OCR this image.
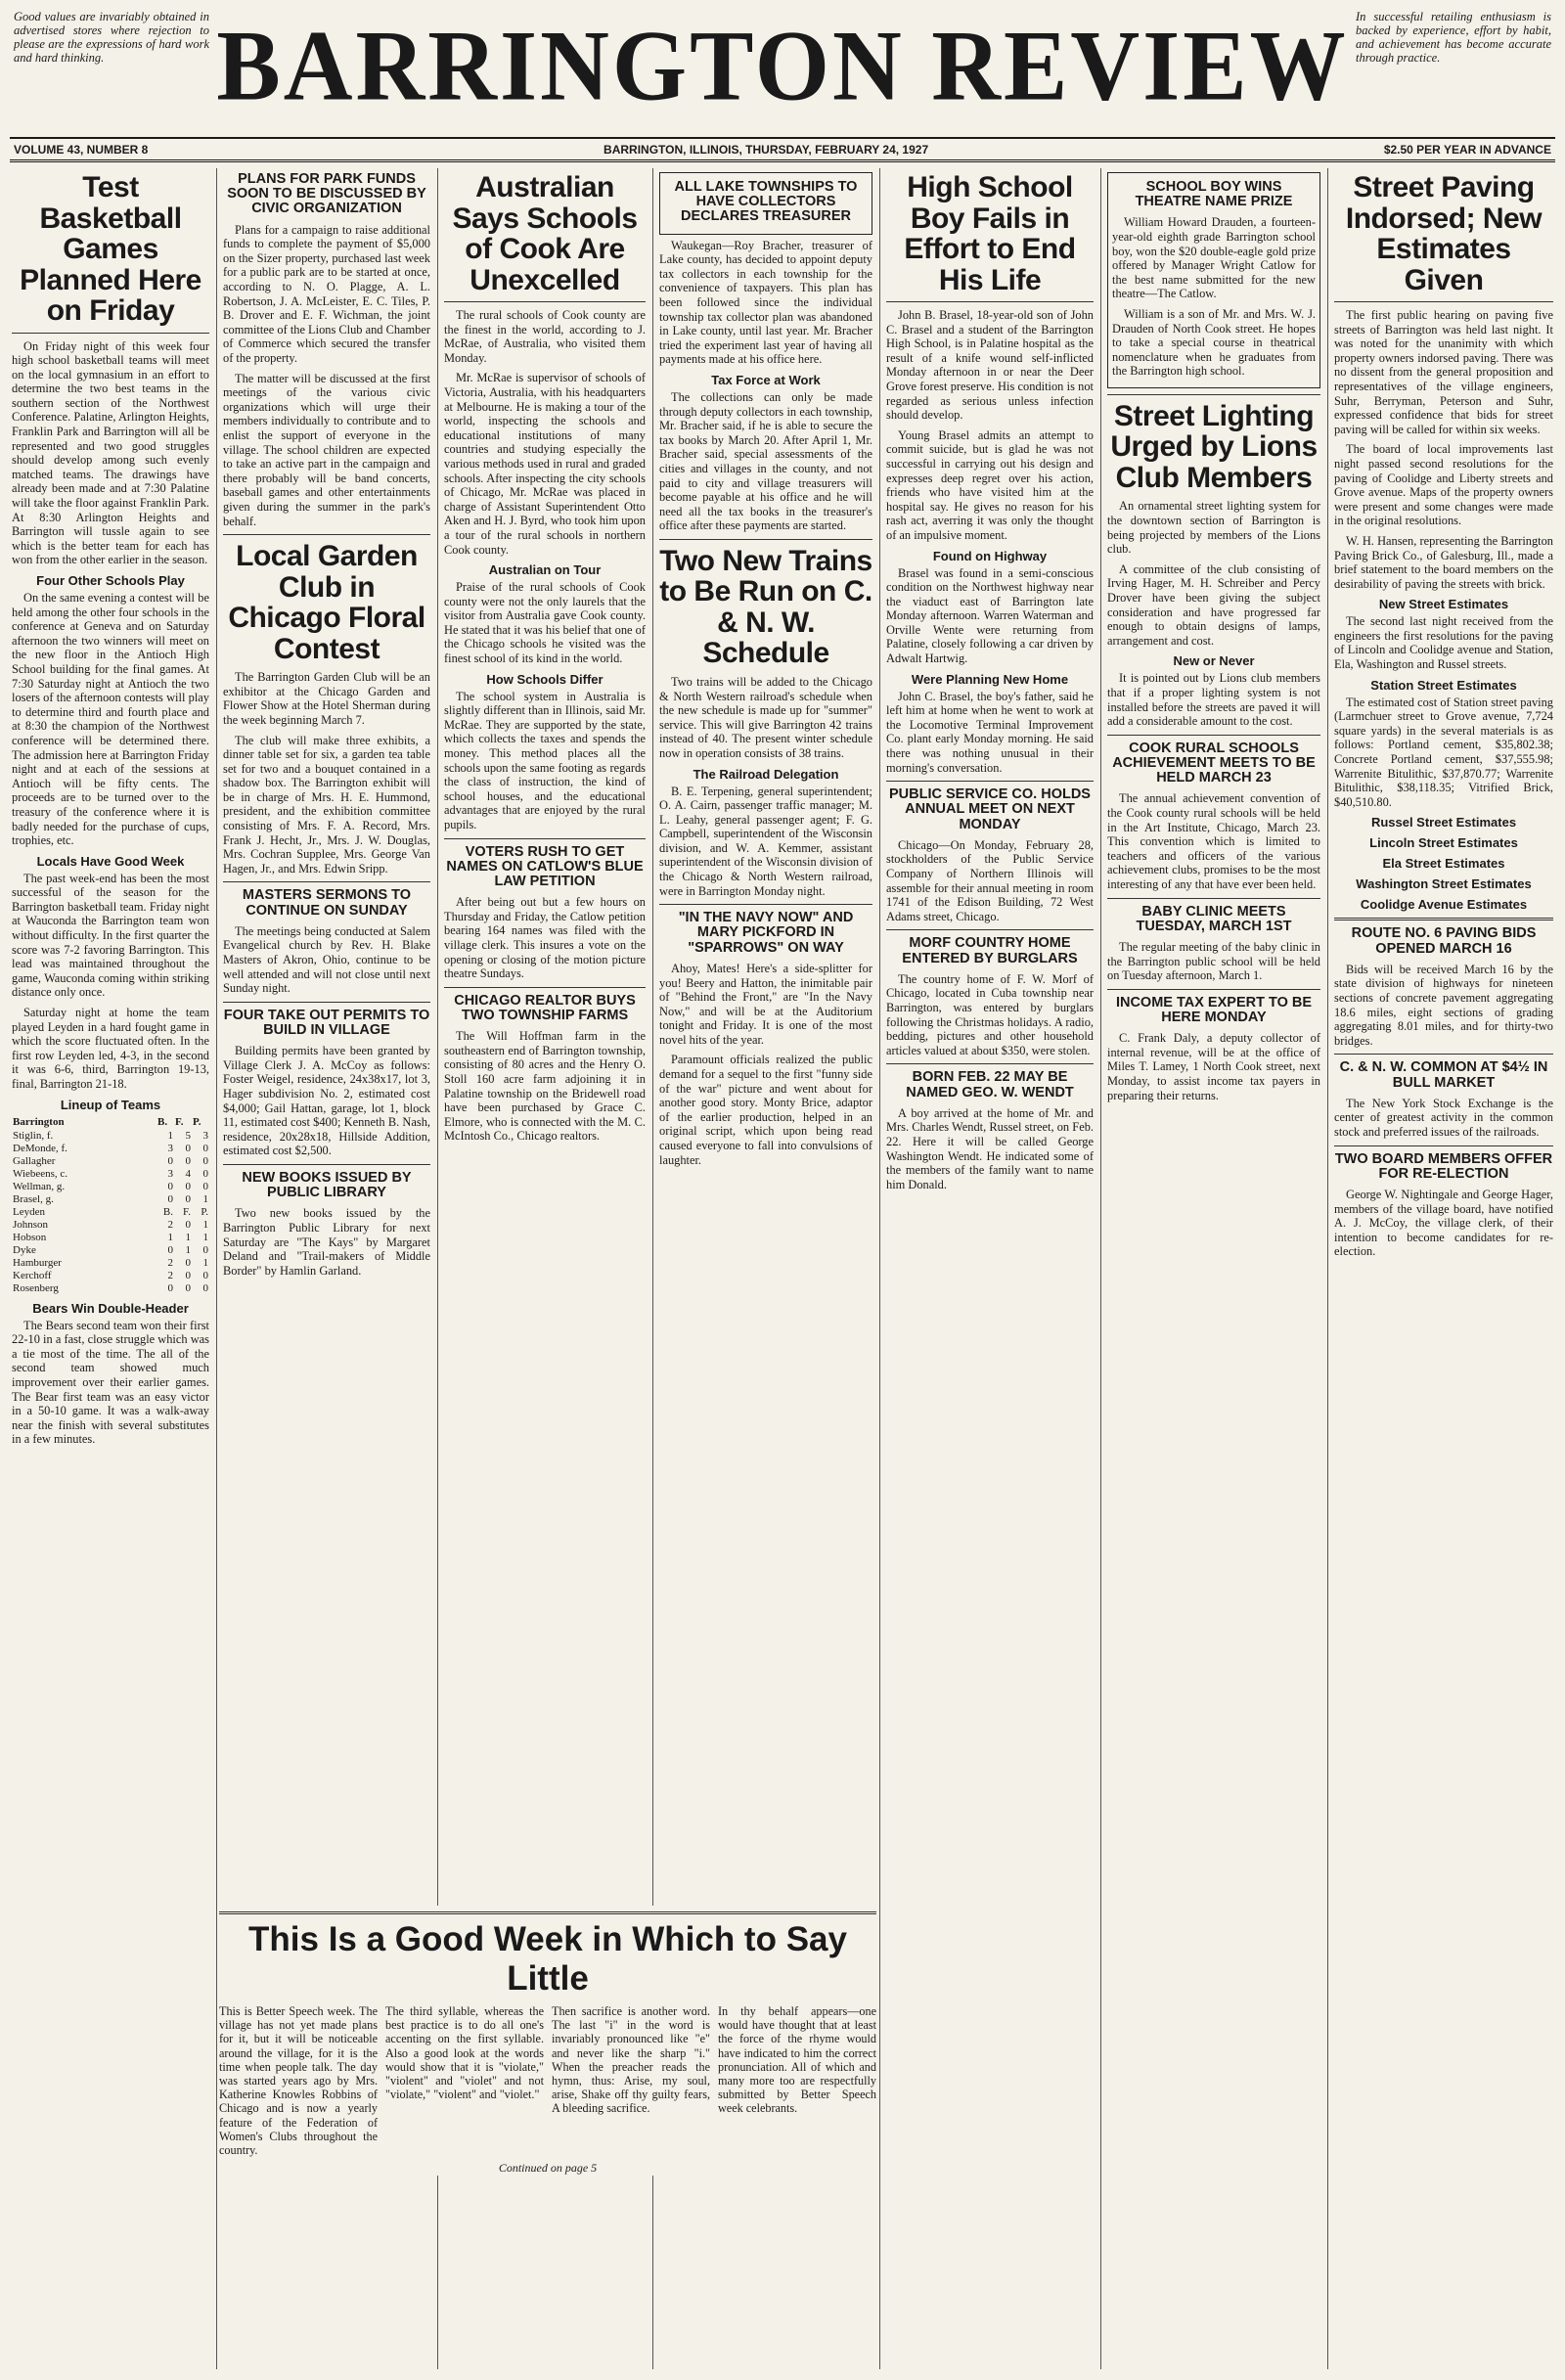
Good values are invariably obtained in advertised stores where rejection to please are the expressions of hard work and hard thinking.	BARRINGTON REVIEW In successful retailing enthusiasm is backed by experience, effort by habit, and achievement has become accurate through practice.
VOLUME 43, NUMBER 8	BARRINGTON, ILLINOIS, THURSDAY, FEBRUARY 24, 1927	$2.50 PER YEAR IN ADVANCE
Test Basketball Games Planned Here on Friday

On Friday night of this week four high school basketball teams will meet on the local gymnasium in an effort to determine the two best teams in the southern section of the Northwest Conference. Palatine, Arlington Heights, Franklin Park and Barrington will all be represented and two good struggles should develop among such evenly matched teams. The drawings have already been made and at 7:30 Palatine will take the floor against Franklin Park. At 8:30 Arlington Heights and Barrington will tussle again to see which is the better team for each has won from the other earlier in the season.

Four Other Schools Play

On the same evening a contest will be held among the other four schools in the conference at Geneva and on Saturday afternoon the two winners will meet on the new floor in the Antioch High School building for the final games. At 7:30 Saturday night at Antioch the two losers of the afternoon contests will play to determine third and fourth place and at 8:30 the champion of the Northwest conference will be determined there. The admission here at Barrington Friday night and at each of the sessions at Antioch will be fifty cents. The proceeds are to be turned over to the treasury of the conference where it is badly needed for the purchase of cups, trophies, etc.

Locals Have Good Week

The past week-end has been the most successful of the season for the Barrington basketball team. Friday night at Wauconda the Barrington team won without difficulty. In the first quarter the score was 7-2 favoring Barrington. This lead was maintained throughout the game, Wauconda coming within striking distance only once.

Saturday night at home the team played Leyden in a hard fought game in which the score fluctuated often. In the first row Leyden led, 4-3, in the second it was 6-6, third, Barrington 19-13, final, Barrington 21-18.

Lineup of Teams
Barrington	B.	F.	P.
Stiglin, f.	1	5	3
DeMonde, f.	3	0	0
Gallagher	0	0	0
Wiebeens, c.	3	4	0
Wellman, g.	0	0	0
Brasel, g.	0	0	1
Leyden	B.	F.	P.
Johnson	2	0	1
Hobson	1	1	1
Dyke	0	1	0
Hamburger	2	0	1
Kerchoff	2	0	0
Rosenberg	0	0	0
Bears Win Double-Header

The Bears second team won their first 22-10 in a fast, close struggle which was a tie most of the time. The all of the second team showed much improvement over their earlier games. The Bear first team was an easy victor in a 50-10 game. It was a walk-away near the finish with several substitutes in a few minutes.

PLANS FOR PARK FUNDS SOON TO BE DISCUSSED BY CIVIC ORGANIZATION

Plans for a campaign to raise additional funds to complete the payment of $5,000 on the Sizer property, purchased last week for a public park are to be started at once, according to N. O. Plagge, A. L. Robertson, J. A. McLeister, E. C. Tiles, P. B. Drover and E. F. Wichman, the joint committee of the Lions Club and Chamber of Commerce which secured the transfer of the property.

The matter will be discussed at the first meetings of the various civic organizations which will urge their members individually to contribute and to enlist the support of everyone in the village. The school children are expected to take an active part in the campaign and there probably will be band concerts, baseball games and other entertainments given during the summer in the park's behalf.

Local Garden Club in Chicago Floral Contest

The Barrington Garden Club will be an exhibitor at the Chicago Garden and Flower Show at the Hotel Sherman during the week beginning March 7.

The club will make three exhibits, a dinner table set for six, a garden tea table set for two and a bouquet contained in a shadow box. The Barrington exhibit will be in charge of Mrs. H. E. Hummond, president, and the exhibition committee consisting of Mrs. F. A. Record, Mrs. Frank J. Hecht, Jr., Mrs. J. W. Douglas, Mrs. Cochran Supplee, Mrs. George Van Hagen, Jr., and Mrs. Edwin Sripp.

MASTERS SERMONS TO CONTINUE ON SUNDAY

The meetings being conducted at Salem Evangelical church by Rev. H. Blake Masters of Akron, Ohio, continue to be well attended and will not close until next Sunday night.

FOUR TAKE OUT PERMITS TO BUILD IN VILLAGE

Building permits have been granted by Village Clerk J. A. McCoy as follows: Foster Weigel, residence, 24x38x17, lot 3, Hager subdivision No. 2, estimated cost $4,000; Gail Hattan, garage, lot 1, block 11, estimated cost $400; Kenneth B. Nash, residence, 20x28x18, Hillside Addition, estimated cost $2,500.

NEW BOOKS ISSUED BY PUBLIC LIBRARY

Two new books issued by the Barrington Public Library for next Saturday are "The Kays" by Margaret Deland and "Trail-makers of Middle Border" by Hamlin Garland.

Australian Says Schools of Cook Are Unexcelled

The rural schools of Cook county are the finest in the world, according to J. McRae, of Australia, who visited them Monday.

Mr. McRae is supervisor of schools of Victoria, Australia, with his headquarters at Melbourne. He is making a tour of the world, inspecting the schools and educational institutions of many countries and studying especially the various methods used in rural and graded schools. After inspecting the city schools of Chicago, Mr. McRae was placed in charge of Assistant Superintendent Otto Aken and H. J. Byrd, who took him upon a tour of the rural schools in northern Cook county.

Australian on Tour

Praise of the rural schools of Cook county were not the only laurels that the visitor from Australia gave Cook county. He stated that it was his belief that one of the Chicago schools he visited was the finest school of its kind in the world.

How Schools Differ

The school system in Australia is slightly different than in Illinois, said Mr. McRae. They are supported by the state, which collects the taxes and spends the money. This method places all the schools upon the same footing as regards the class of instruction, the kind of school houses, and the educational advantages that are enjoyed by the rural pupils.

VOTERS RUSH TO GET NAMES ON CATLOW'S BLUE LAW PETITION

After being out but a few hours on Thursday and Friday, the Catlow petition bearing 164 names was filed with the village clerk. This insures a vote on the opening or closing of the motion picture theatre Sundays.

CHICAGO REALTOR BUYS TWO TOWNSHIP FARMS

The Will Hoffman farm in the southeastern end of Barrington township, consisting of 80 acres and the Henry O. Stoll 160 acre farm adjoining it in Palatine township on the Bridewell road have been purchased by Grace C. Elmore, who is connected with the M. C. McIntosh Co., Chicago realtors.

ALL LAKE TOWNSHIPS TO HAVE COLLECTORS DECLARES TREASURER

Waukegan—Roy Bracher, treasurer of Lake county, has decided to appoint deputy tax collectors in each township for the convenience of taxpayers. This plan has been followed since the individual township tax collector plan was abandoned in Lake county, until last year. Mr. Bracher tried the experiment last year of having all payments made at his office here.

Tax Force at Work

The collections can only be made through deputy collectors in each township, Mr. Bracher said, if he is able to secure the tax books by March 20. After April 1, Mr. Bracher said, special assessments of the cities and villages in the county, and not paid to city and village treasurers will become payable at his office and he will need all the tax books in the treasurer's office after these payments are started.

Two New Trains to Be Run on C. & N. W. Schedule

Two trains will be added to the Chicago & North Western railroad's schedule when the new schedule is made up for "summer" service. This will give Barrington 42 trains instead of 40. The present winter schedule now in operation consists of 38 trains.

The Railroad Delegation

B. E. Terpening, general superintendent; O. A. Cairn, passenger traffic manager; M. L. Leahy, general passenger agent; F. G. Campbell, superintendent of the Wisconsin division, and W. A. Kemmer, assistant superintendent of the Wisconsin division of the Chicago & North Western railroad, were in Barrington Monday night.

"IN THE NAVY NOW" AND MARY PICKFORD IN "SPARROWS" ON WAY

Ahoy, Mates! Here's a side-splitter for you! Beery and Hatton, the inimitable pair of "Behind the Front," are "In the Navy Now," and will be at the Auditorium tonight and Friday. It is one of the most novel hits of the year.

Paramount officials realized the public demand for a sequel to the first "funny side of the war" picture and went about for another good story. Monty Brice, adaptor of the earlier production, helped in an original script, which upon being read caused everyone to fall into convulsions of laughter.

High School Boy Fails in Effort to End His Life

John B. Brasel, 18-year-old son of John C. Brasel and a student of the Barrington High School, is in Palatine hospital as the result of a knife wound self-inflicted Monday afternoon in or near the Deer Grove forest preserve. His condition is not regarded as serious unless infection should develop.

Young Brasel admits an attempt to commit suicide, but is glad he was not successful in carrying out his design and expresses deep regret over his action, friends who have visited him at the hospital say. He gives no reason for his rash act, averring it was only the thought of an impulsive moment.

Found on Highway

Brasel was found in a semi-conscious condition on the Northwest highway near the viaduct east of Barrington late Monday afternoon. Warren Waterman and Orville Wente were returning from Palatine, closely following a car driven by Adwalt Hartwig.

Were Planning New Home

John C. Brasel, the boy's father, said he left him at home when he went to work at the Locomotive Terminal Improvement Co. plant early Monday morning. He said there was nothing unusual in their morning's conversation.

PUBLIC SERVICE CO. HOLDS ANNUAL MEET ON NEXT MONDAY

Chicago—On Monday, February 28, stockholders of the Public Service Company of Northern Illinois will assemble for their annual meeting in room 1741 of the Edison Building, 72 West Adams street, Chicago.

MORF COUNTRY HOME ENTERED BY BURGLARS

The country home of F. W. Morf of Chicago, located in Cuba township near Barrington, was entered by burglars following the Christmas holidays. A radio, bedding, pictures and other household articles valued at about $350, were stolen.

BORN FEB. 22 MAY BE NAMED GEO. W. WENDT

A boy arrived at the home of Mr. and Mrs. Charles Wendt, Russel street, on Feb. 22. Here it will be called George Washington Wendt. He indicated some of the members of the family want to name him Donald.

SCHOOL BOY WINS THEATRE NAME PRIZE

William Howard Drauden, a fourteen-year-old eighth grade Barrington school boy, won the $20 double-eagle gold prize offered by Manager Wright Catlow for the best name submitted for the new theatre—The Catlow.

William is a son of Mr. and Mrs. W. J. Drauden of North Cook street. He hopes to take a special course in theatrical nomenclature when he graduates from the Barrington high school.

Street Lighting Urged by Lions Club Members

An ornamental street lighting system for the downtown section of Barrington is being projected by members of the Lions club.

A committee of the club consisting of Irving Hager, M. H. Schreiber and Percy Drover have been giving the subject consideration and have progressed far enough to obtain designs of lamps, arrangement and cost.

New or Never

It is pointed out by Lions club members that if a proper lighting system is not installed before the streets are paved it will add a considerable amount to the cost.

COOK RURAL SCHOOLS ACHIEVEMENT MEETS TO BE HELD MARCH 23

The annual achievement convention of the Cook county rural schools will be held in the Art Institute, Chicago, March 23. This convention which is limited to teachers and officers of the various achievement clubs, promises to be the most interesting of any that have ever been held.

BABY CLINIC MEETS TUESDAY, MARCH 1ST

The regular meeting of the baby clinic in the Barrington public school will be held on Tuesday afternoon, March 1.

INCOME TAX EXPERT TO BE HERE MONDAY

C. Frank Daly, a deputy collector of internal revenue, will be at the office of Miles T. Lamey, 1 North Cook street, next Monday, to assist income tax payers in preparing their returns.

Street Paving Indorsed; New Estimates Given

The first public hearing on paving five streets of Barrington was held last night. It was noted for the unanimity with which property owners indorsed paving. There was no dissent from the general proposition and representatives of the village engineers, Suhr, Berryman, Peterson and Suhr, expressed confidence that bids for street paving will be called for within six weeks.

The board of local improvements last night passed second resolutions for the paving of Coolidge and Liberty streets and Grove avenue. Maps of the property owners were present and some changes were made in the original resolutions.

W. H. Hansen, representing the Barrington Paving Brick Co., of Galesburg, Ill., made a brief statement to the board members on the desirability of paving the streets with brick.

New Street Estimates

The second last night received from the engineers the first resolutions for the paving of Lincoln and Coolidge avenue and Station, Ela, Washington and Russel streets.

Station Street Estimates

The estimated cost of Station street paving (Larmchuer street to Grove avenue, 7,724 square yards) in the several materials is as follows: Portland cement, $35,802.38; Concrete Portland cement, $37,555.98; Warrenite Bitulithic, $37,870.77; Warrenite Bitulithic, $38,118.35; Vitrified Brick, $40,510.80.

Russel Street Estimates
Lincoln Street Estimates
Ela Street Estimates
Washington Street Estimates
Coolidge Avenue Estimates
ROUTE NO. 6 PAVING BIDS OPENED MARCH 16

Bids will be received March 16 by the state division of highways for nineteen sections of concrete pavement aggregating 18.6 miles, eight sections of grading aggregating 8.01 miles, and for thirty-two bridges.

C. & N. W. COMMON AT $4½ IN BULL MARKET

The New York Stock Exchange is the center of greatest activity in the common stock and preferred issues of the railroads.

TWO BOARD MEMBERS OFFER FOR RE-ELECTION

George W. Nightingale and George Hager, members of the village board, have notified A. J. McCoy, the village clerk, of their intention to become candidates for re-election.

This Is a Good Week in Which to Say Little

This is Better Speech week. The village has not yet made plans for it, but it will be noticeable around the village, for it is the time when people talk. The day was started years ago by Mrs. Katherine Knowles Robbins of Chicago and is now a yearly feature of the Federation of Women's Clubs throughout the country.

The third syllable, whereas the best practice is to do all one's accenting on the first syllable. Also a good look at the words would show that it is "violate," "violent" and "violet" and not "violate," "violent" and "violet."

Then sacrifice is another word. The last "i" in the word is invariably pronounced like "e" and never like the sharp "i." When the preacher reads the hymn, thus: Arise, my soul, arise, Shake off thy guilty fears, A bleeding sacrifice.

In thy behalf appears—one would have thought that at least the force of the rhyme would have indicated to him the correct pronunciation. All of which and many more too are respectfully submitted by Better Speech week celebrants.

Continued on page 5
